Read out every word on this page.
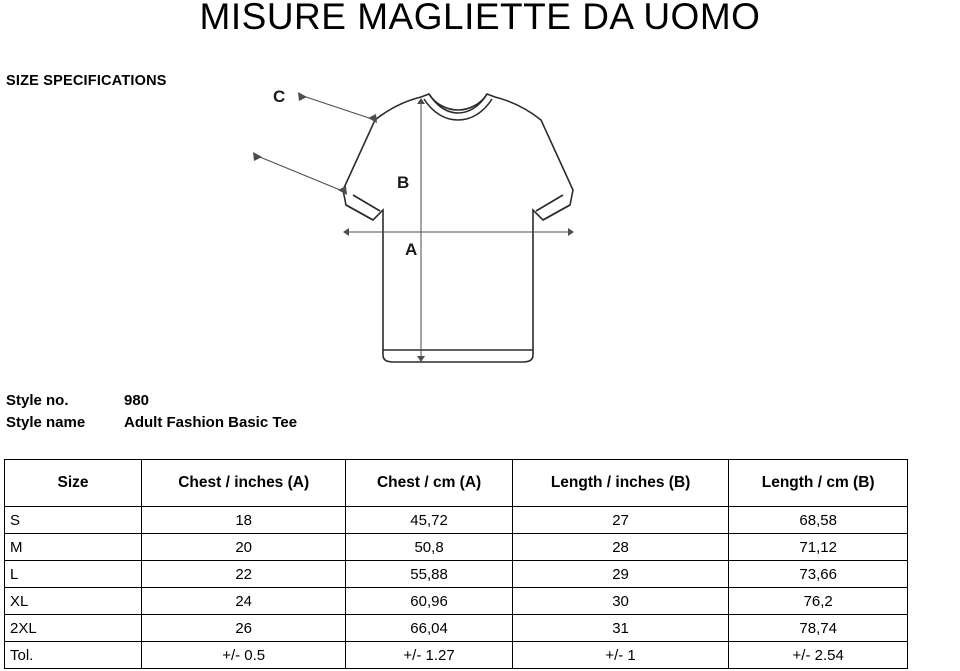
MISURE MAGLIETTE DA UOMO
SIZE SPECIFICATIONS
C
B
A
Style no.	980
Style name	Adult Fashion Basic Tee
Size	Chest / inches (A)	Chest / cm (A)	Length / inches (B)	Length / cm (B)
S	18	45,72	27	68,58
M	20	50,8	28	71,12
L	22	55,88	29	73,66
XL	24	60,96	30	76,2
2XL	26	66,04	31	78,74
Tol.	+/- 0.5	+/- 1.27	+/- 1	+/- 2.54
